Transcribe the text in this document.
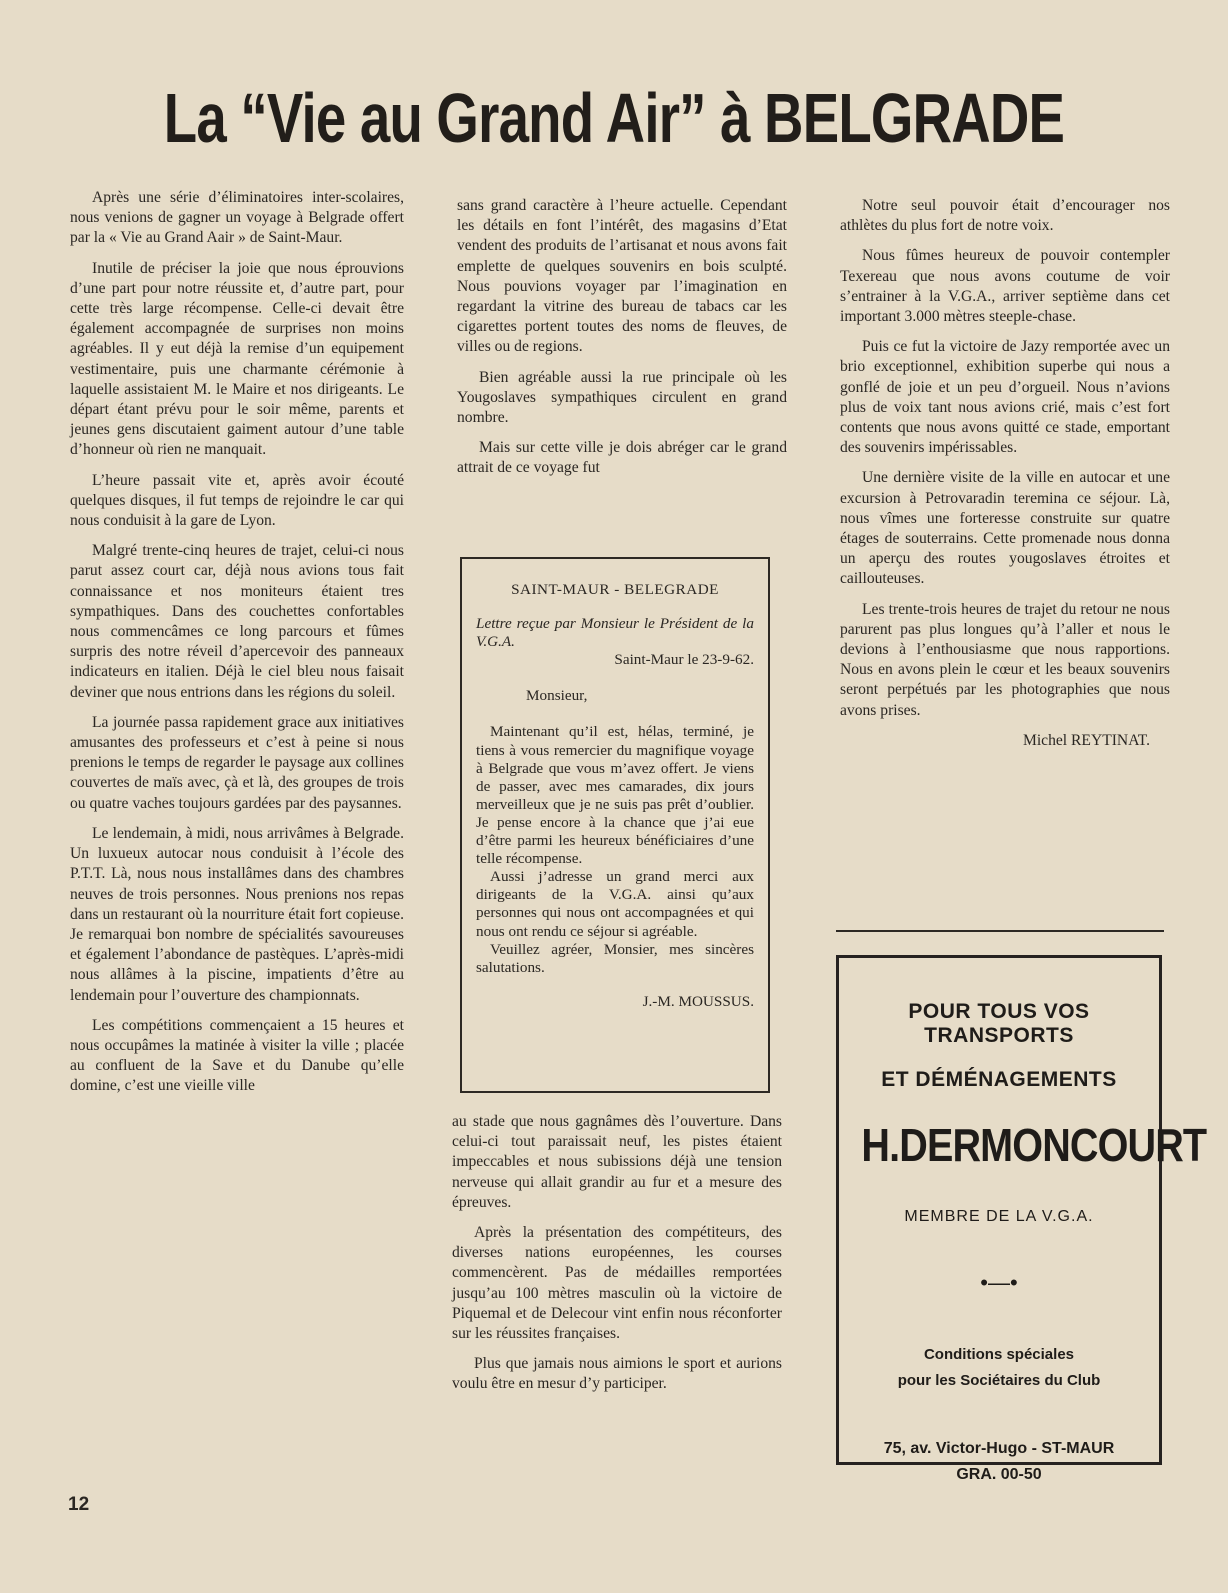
La “Vie au Grand Air” à BELGRADE

Après une série d’éliminatoires inter-scolaires, nous venions de gagner un voyage à Belgrade offert par la « Vie au Grand Aair » de Saint-Maur.

Inutile de préciser la joie que nous éprouvions d’une part pour notre réussite et, d’autre part, pour cette très large récompense. Celle-ci devait être également accompagnée de surprises non moins agréables. Il y eut déjà la remise d’un equipement vestimentaire, puis une charmante cérémonie à laquelle assistaient M. le Maire et nos dirigeants. Le départ étant prévu pour le soir même, parents et jeunes gens discutaient gaiment autour d’une table d’honneur où rien ne manquait.

L’heure passait vite et, après avoir écouté quelques disques, il fut temps de rejoindre le car qui nous conduisit à la gare de Lyon.

Malgré trente-cinq heures de trajet, celui-ci nous parut assez court car, déjà nous avions tous fait connaissance et nos moniteurs étaient tres sympathiques. Dans des couchettes confortables nous commencâmes ce long parcours et fûmes surpris des notre réveil d’apercevoir des panneaux indicateurs en italien. Déjà le ciel bleu nous faisait deviner que nous entrions dans les régions du soleil.

La journée passa rapidement grace aux initiatives amusantes des professeurs et c’est à peine si nous prenions le temps de regarder le paysage aux collines couvertes de maïs avec, çà et là, des groupes de trois ou quatre vaches toujours gardées par des paysannes.

Le lendemain, à midi, nous arrivâmes à Belgrade. Un luxueux autocar nous conduisit à l’école des P.T.T. Là, nous nous installâmes dans des chambres neuves de trois personnes. Nous prenions nos repas dans un restaurant où la nourriture était fort copieuse. Je remarquai bon nombre de spécialités savoureuses et également l’abondance de pastèques. L’après-midi nous allâmes à la piscine, impatients d’être au lendemain pour l’ouverture des championnats.

Les compétitions commençaient a 15 heures et nous occupâmes la matinée à visiter la ville ; placée au confluent de la Save et du Danube qu’elle domine, c’est une vieille ville

sans grand caractère à l’heure actuelle. Cependant les détails en font l’intérêt, des magasins d’Etat vendent des produits de l’artisanat et nous avons fait emplette de quelques souvenirs en bois sculpté. Nous pouvions voyager par l’imagination en regardant la vitrine des bureau de tabacs car les cigarettes portent toutes des noms de fleuves, de villes ou de regions.

Bien agréable aussi la rue principale où les Yougoslaves sympathiques circulent en grand nombre.

Mais sur cette ville je dois abréger car le grand attrait de ce voyage fut

SAINT-MAUR - BELEGRADE
Lettre reçue par Monsieur le Président de la V.G.A.
Saint-Maur le 23-9-62.
Monsieur,

Maintenant qu’il est, hélas, terminé, je tiens à vous remercier du magnifique voyage à Belgrade que vous m’avez offert. Je viens de passer, avec mes camarades, dix jours merveilleux que je ne suis pas prêt d’oublier. Je pense encore à la chance que j’ai eue d’être parmi les heureux bénéficiaires d’une telle récompense.

Aussi j’adresse un grand merci aux dirigeants de la V.G.A. ainsi qu’aux personnes qui nous ont accompagnées et qui nous ont rendu ce séjour si agréable.

Veuillez agréer, Monsier, mes sincères salutations.

J.-M. MOUSSUS.

au stade que nous gagnâmes dès l’ouverture. Dans celui-ci tout paraissait neuf, les pistes étaient impeccables et nous subissions déjà une tension nerveuse qui allait grandir au fur et a mesure des épreuves.

Après la présentation des compétiteurs, des diverses nations européennes, les courses commencèrent. Pas de médailles remportées jusqu’au 100 mètres masculin où la victoire de Piquemal et de Delecour vint enfin nous réconforter sur les réussites françaises.

Plus que jamais nous aimions le sport et aurions voulu être en mesur d’y participer.

Notre seul pouvoir était d’encourager nos athlètes du plus fort de notre voix.

Nous fûmes heureux de pouvoir contempler Texereau que nous avons coutume de voir s’entrainer à la V.G.A., arriver septième dans cet important 3.000 mètres steeple-chase.

Puis ce fut la victoire de Jazy remportée avec un brio exceptionnel, exhibition superbe qui nous a gonflé de joie et un peu d’orgueil. Nous n’avions plus de voix tant nous avions crié, mais c’est fort contents que nous avons quitté ce stade, emportant des souvenirs impérissables.

Une dernière visite de la ville en autocar et une excursion à Petrovaradin teremina ce séjour. Là, nous vîmes une forteresse construite sur quatre étages de souterrains. Cette promenade nous donna un aperçu des routes yougoslaves étroites et caillouteuses.

Les trente-trois heures de trajet du retour ne nous parurent pas plus longues qu’à l’aller et nous le devions à l’enthousiasme que nous rapportions. Nous en avons plein le cœur et les beaux souvenirs seront perpétués par les photographies que nous avons prises.

Michel REYTINAT.
POUR TOUS VOS TRANSPORTS
ET DÉMÉNAGEMENTS
H.DERMONCOURT
MEMBRE DE LA V.G.A.
•—•
Conditions spéciales
pour les Sociétaires du Club
75, av. Victor-Hugo - ST-MAUR
GRA. 00-50
12
